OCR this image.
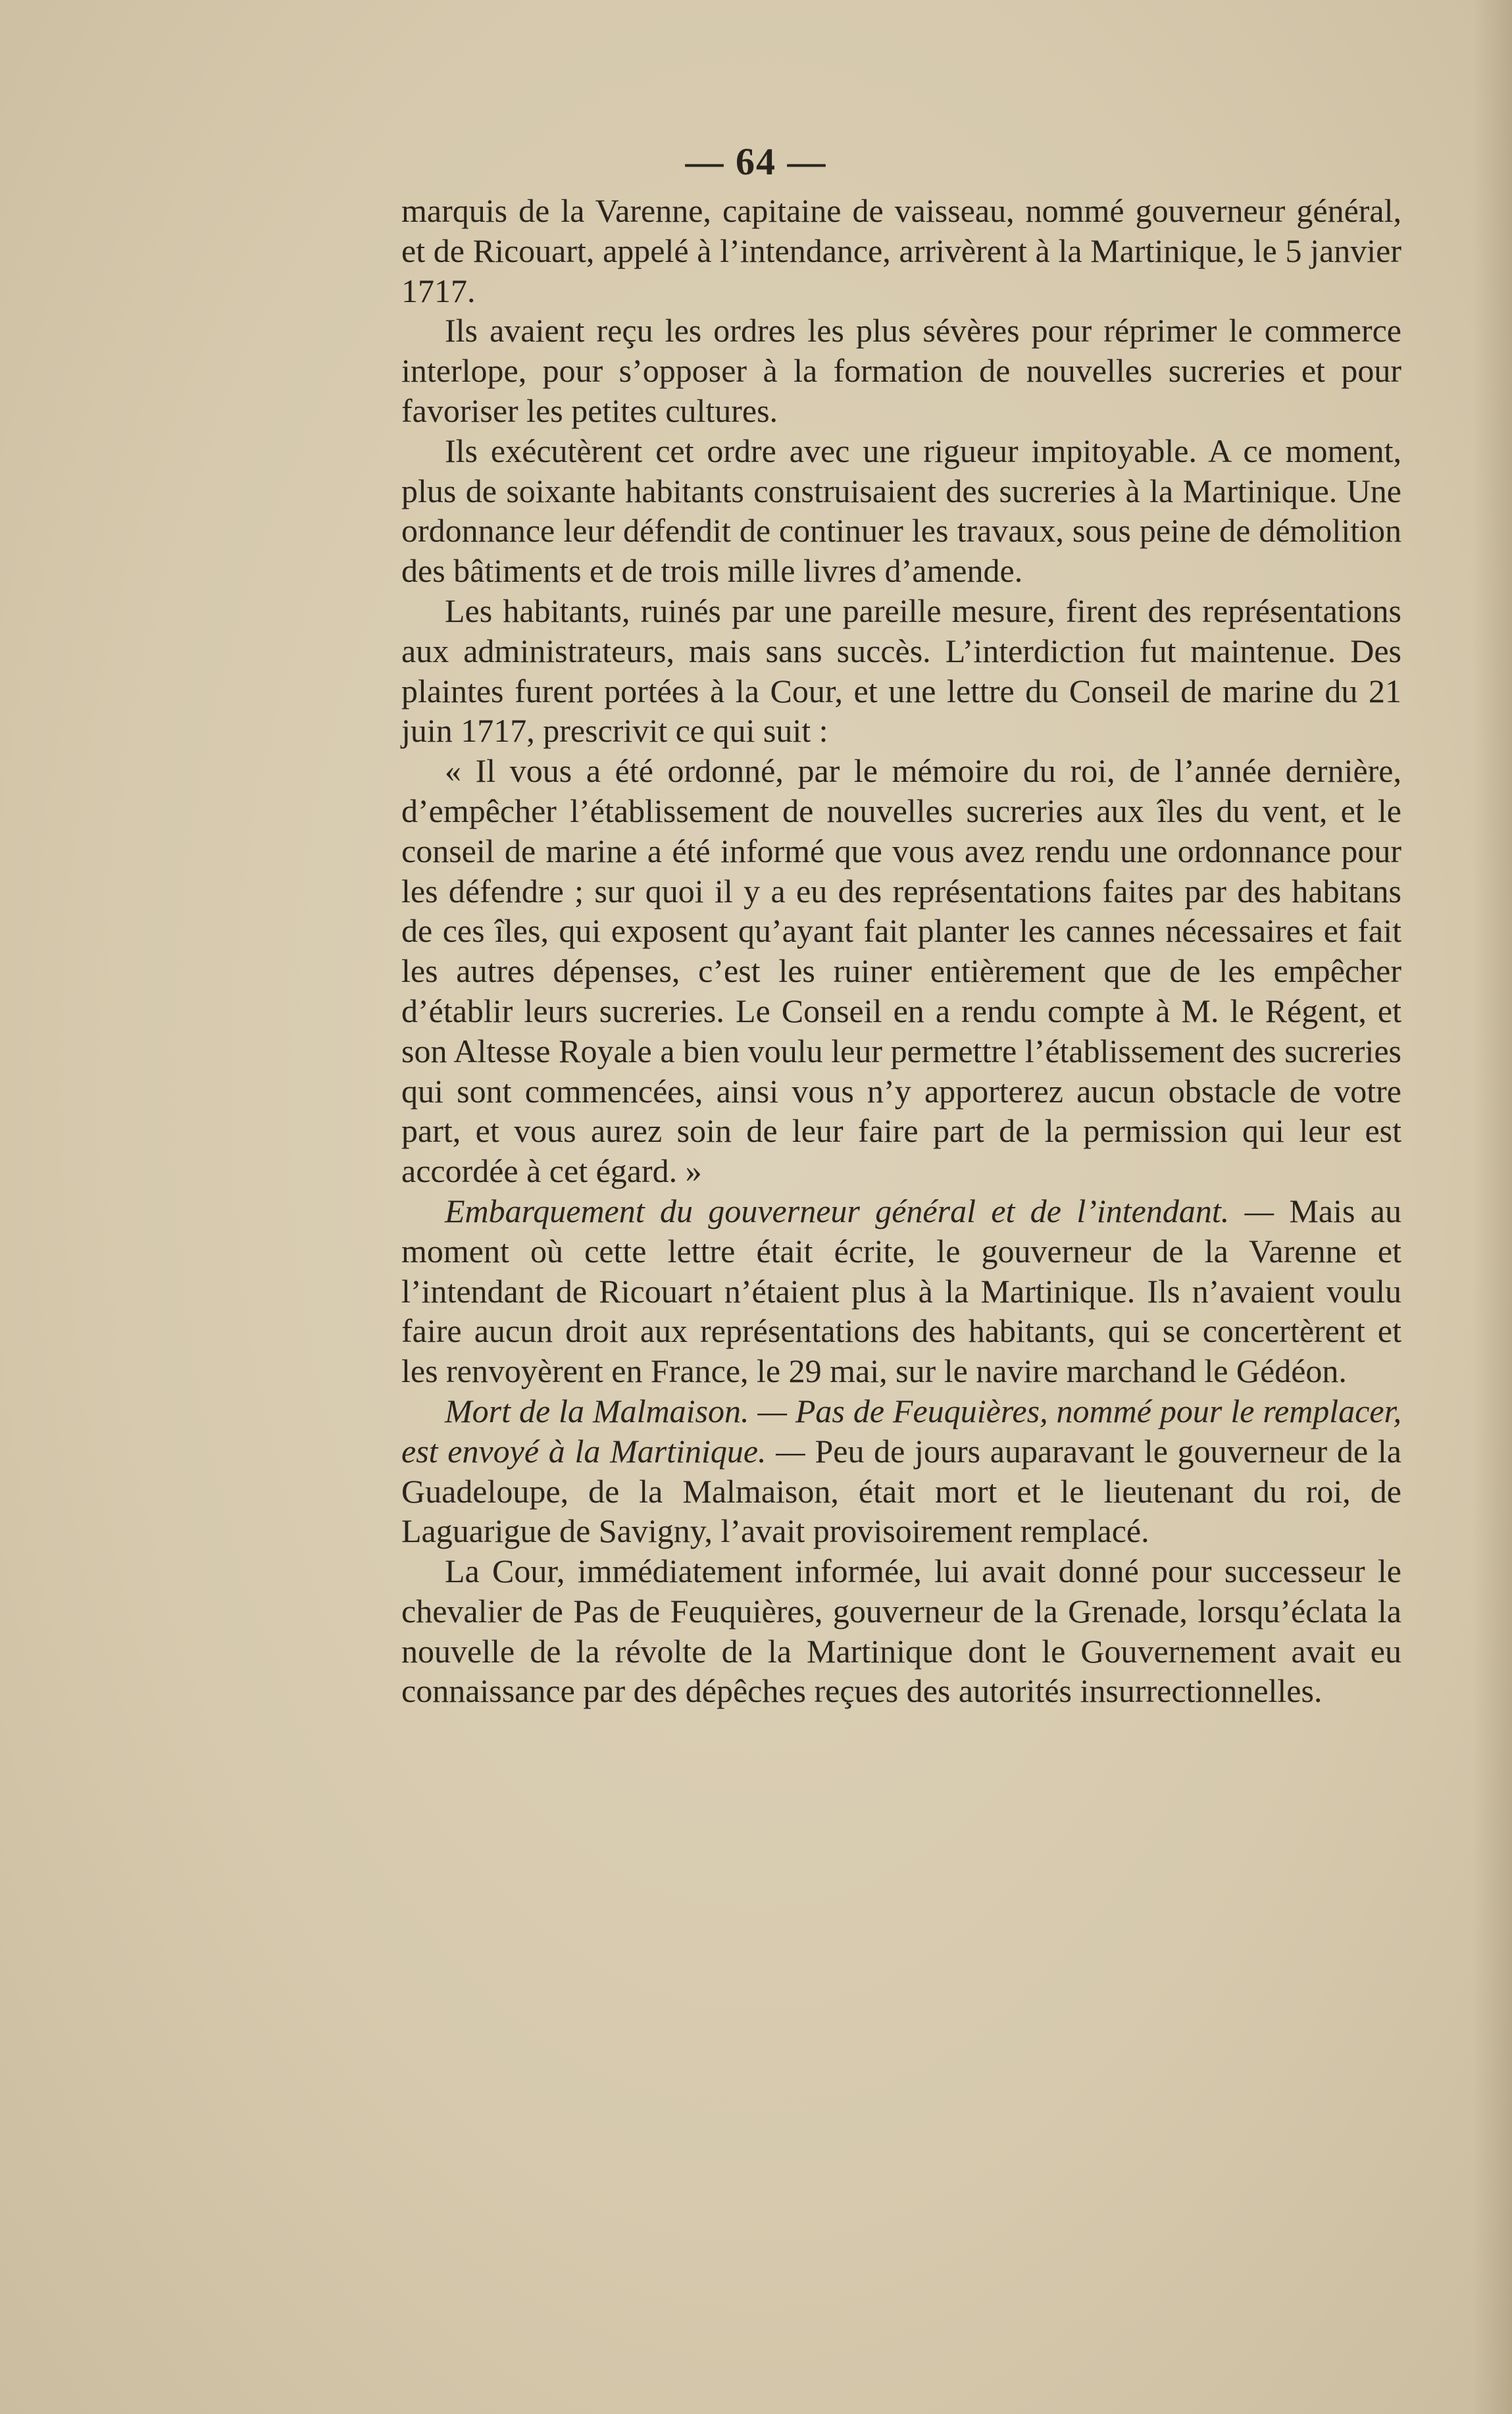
— 64 —

marquis de la Varenne, capitaine de vaisseau, nommé gouverneur général, et de Ricouart, appelé à l’intendance, arrivèrent à la Martinique, le 5 janvier 1717.

Ils avaient reçu les ordres les plus sévères pour réprimer le commerce interlope, pour s’opposer à la formation de nouvelles sucreries et pour favoriser les petites cultures.

Ils exécutèrent cet ordre avec une rigueur impitoyable. A ce moment, plus de soixante habitants construisaient des sucreries à la Martinique. Une ordonnance leur défendit de continuer les travaux, sous peine de démolition des bâtiments et de trois mille livres d’amende.

Les habitants, ruinés par une pareille mesure, firent des représentations aux administrateurs, mais sans succès. L’interdiction fut maintenue. Des plaintes furent portées à la Cour, et une lettre du Conseil de marine du 21 juin 1717, prescrivit ce qui suit :

« Il vous a été ordonné, par le mémoire du roi, de l’année dernière, d’empêcher l’établissement de nouvelles sucreries aux îles du vent, et le conseil de marine a été informé que vous avez rendu une ordonnance pour les défendre ; sur quoi il y a eu des représentations faites par des habitans de ces îles, qui exposent qu’ayant fait planter les cannes nécessaires et fait les autres dépenses, c’est les ruiner entièrement que de les empêcher d’établir leurs sucreries. Le Conseil en a rendu compte à M. le Régent, et son Altesse Royale a bien voulu leur permettre l’établissement des sucreries qui sont commencées, ainsi vous n’y apporterez aucun obstacle de votre part, et vous aurez soin de leur faire part de la permission qui leur est accordée à cet égard. »

Embarquement du gouverneur général et de l’intendant. — Mais au moment où cette lettre était écrite, le gouverneur de la Varenne et l’intendant de Ricouart n’étaient plus à la Martinique. Ils n’avaient voulu faire aucun droit aux représentations des habitants, qui se concertèrent et les renvoyèrent en France, le 29 mai, sur le navire marchand le Gédéon.

Mort de la Malmaison. — Pas de Feuquières, nommé pour le remplacer, est envoyé à la Martinique. — Peu de jours auparavant le gouverneur de la Guadeloupe, de la Malmaison, était mort et le lieutenant du roi, de Laguarigue de Savigny, l’avait provisoirement remplacé.

La Cour, immédiatement informée, lui avait donné pour successeur le chevalier de Pas de Feuquières, gouverneur de la Grenade, lorsqu’éclata la nouvelle de la révolte de la Martinique dont le Gouvernement avait eu connaissance par des dépêches reçues des autorités insurrectionnelles.
